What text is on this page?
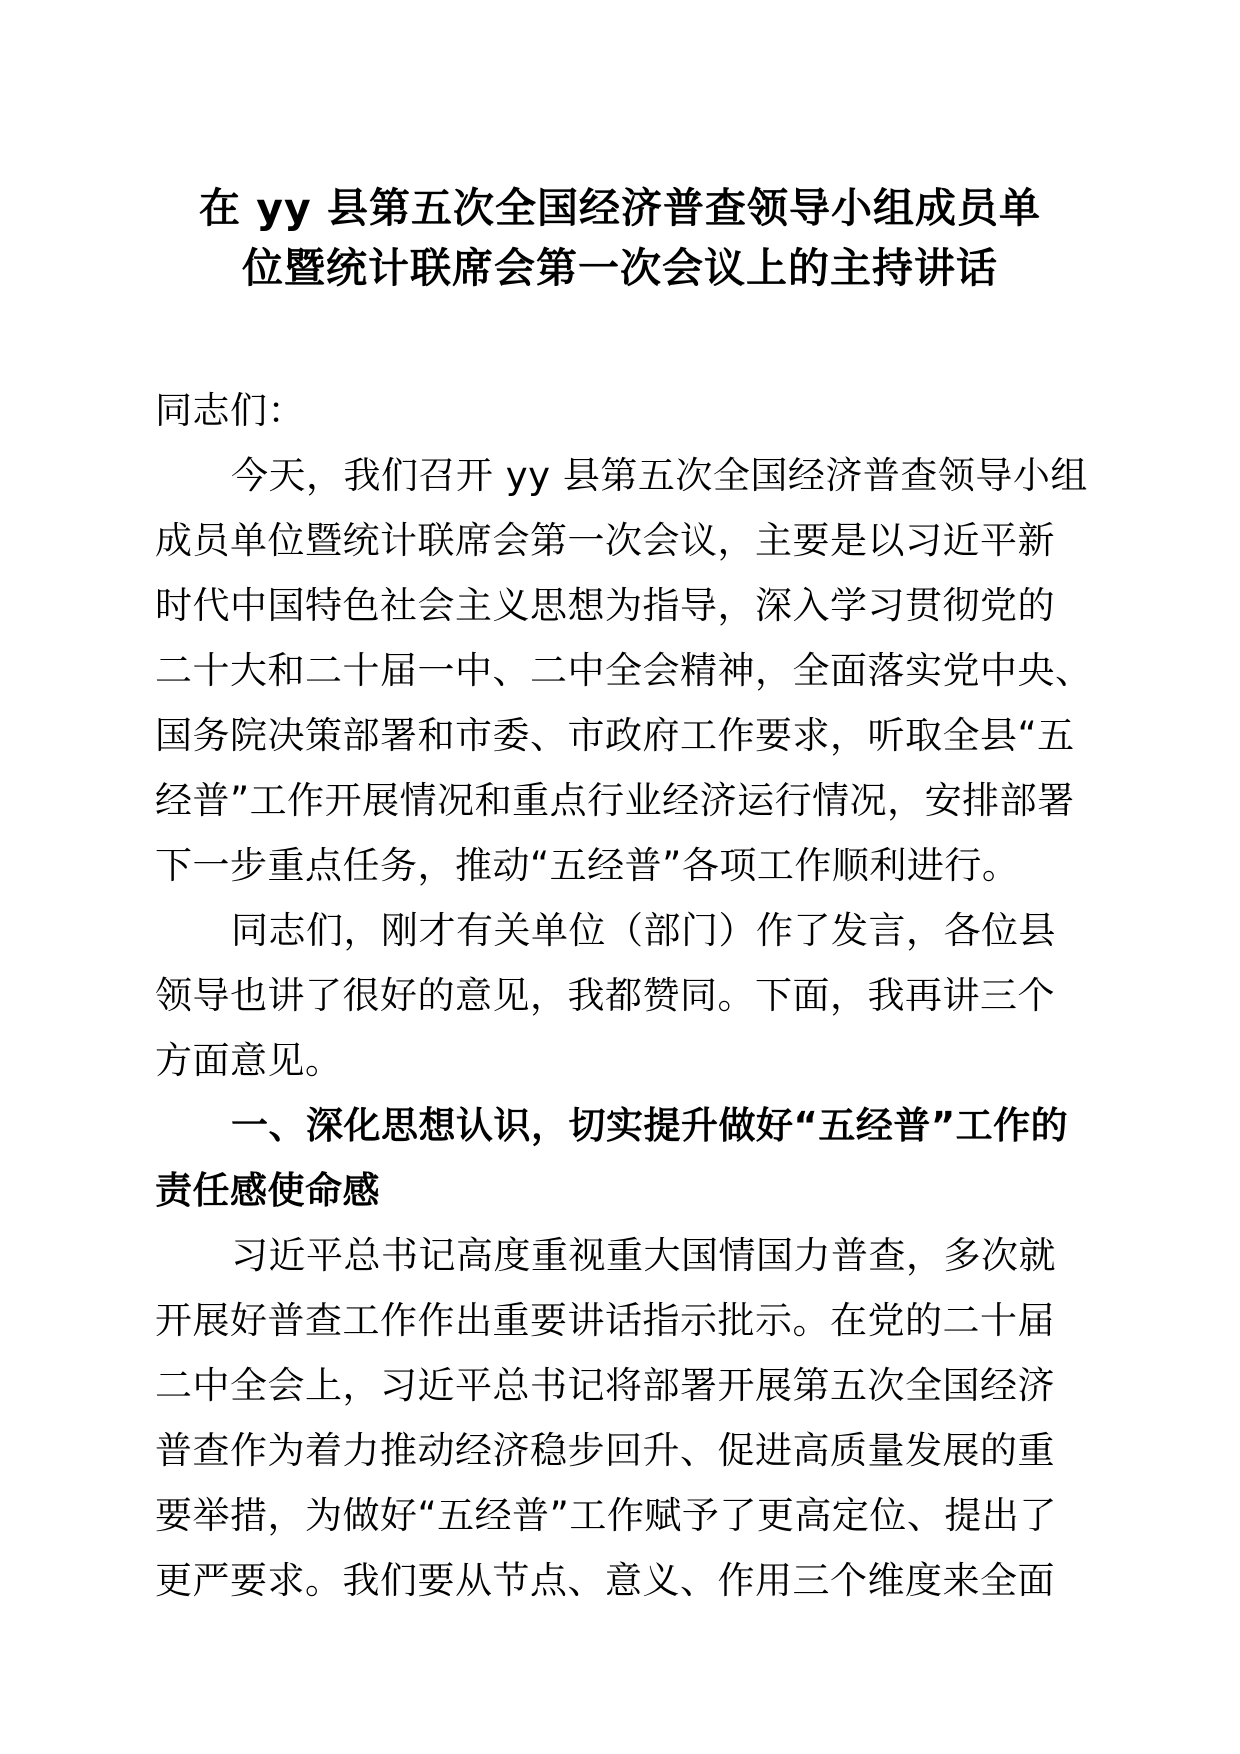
在 yy 县第五次全国经济普查领导小组成员单
位暨统计联席会第一次会议上的主持讲话
同志们：
今天，我们召开 yy 县第五次全国经济普查领导小组
成员单位暨统计联席会第一次会议，主要是以习近平新
时代中国特色社会主义思想为指导，深入学习贯彻党的
二十大和二十届一中、二中全会精神，全面落实党中央、
国务院决策部署和市委、市政府工作要求，听取全县“五
经普”工作开展情况和重点行业经济运行情况，安排部署
下一步重点任务，推动“五经普”各项工作顺利进行。
同志们，刚才有关单位（部门）作了发言，各位县
领导也讲了很好的意见，我都赞同。下面，我再讲三个
方面意见。
一、深化思想认识，切实提升做好“五经普”工作的
责任感使命感
习近平总书记高度重视重大国情国力普查，多次就
开展好普查工作作出重要讲话指示批示。在党的二十届
二中全会上，习近平总书记将部署开展第五次全国经济
普查作为着力推动经济稳步回升、促进高质量发展的重
要举措，为做好“五经普”工作赋予了更高定位、提出了
更严要求。我们要从节点、意义、作用三个维度来全面
